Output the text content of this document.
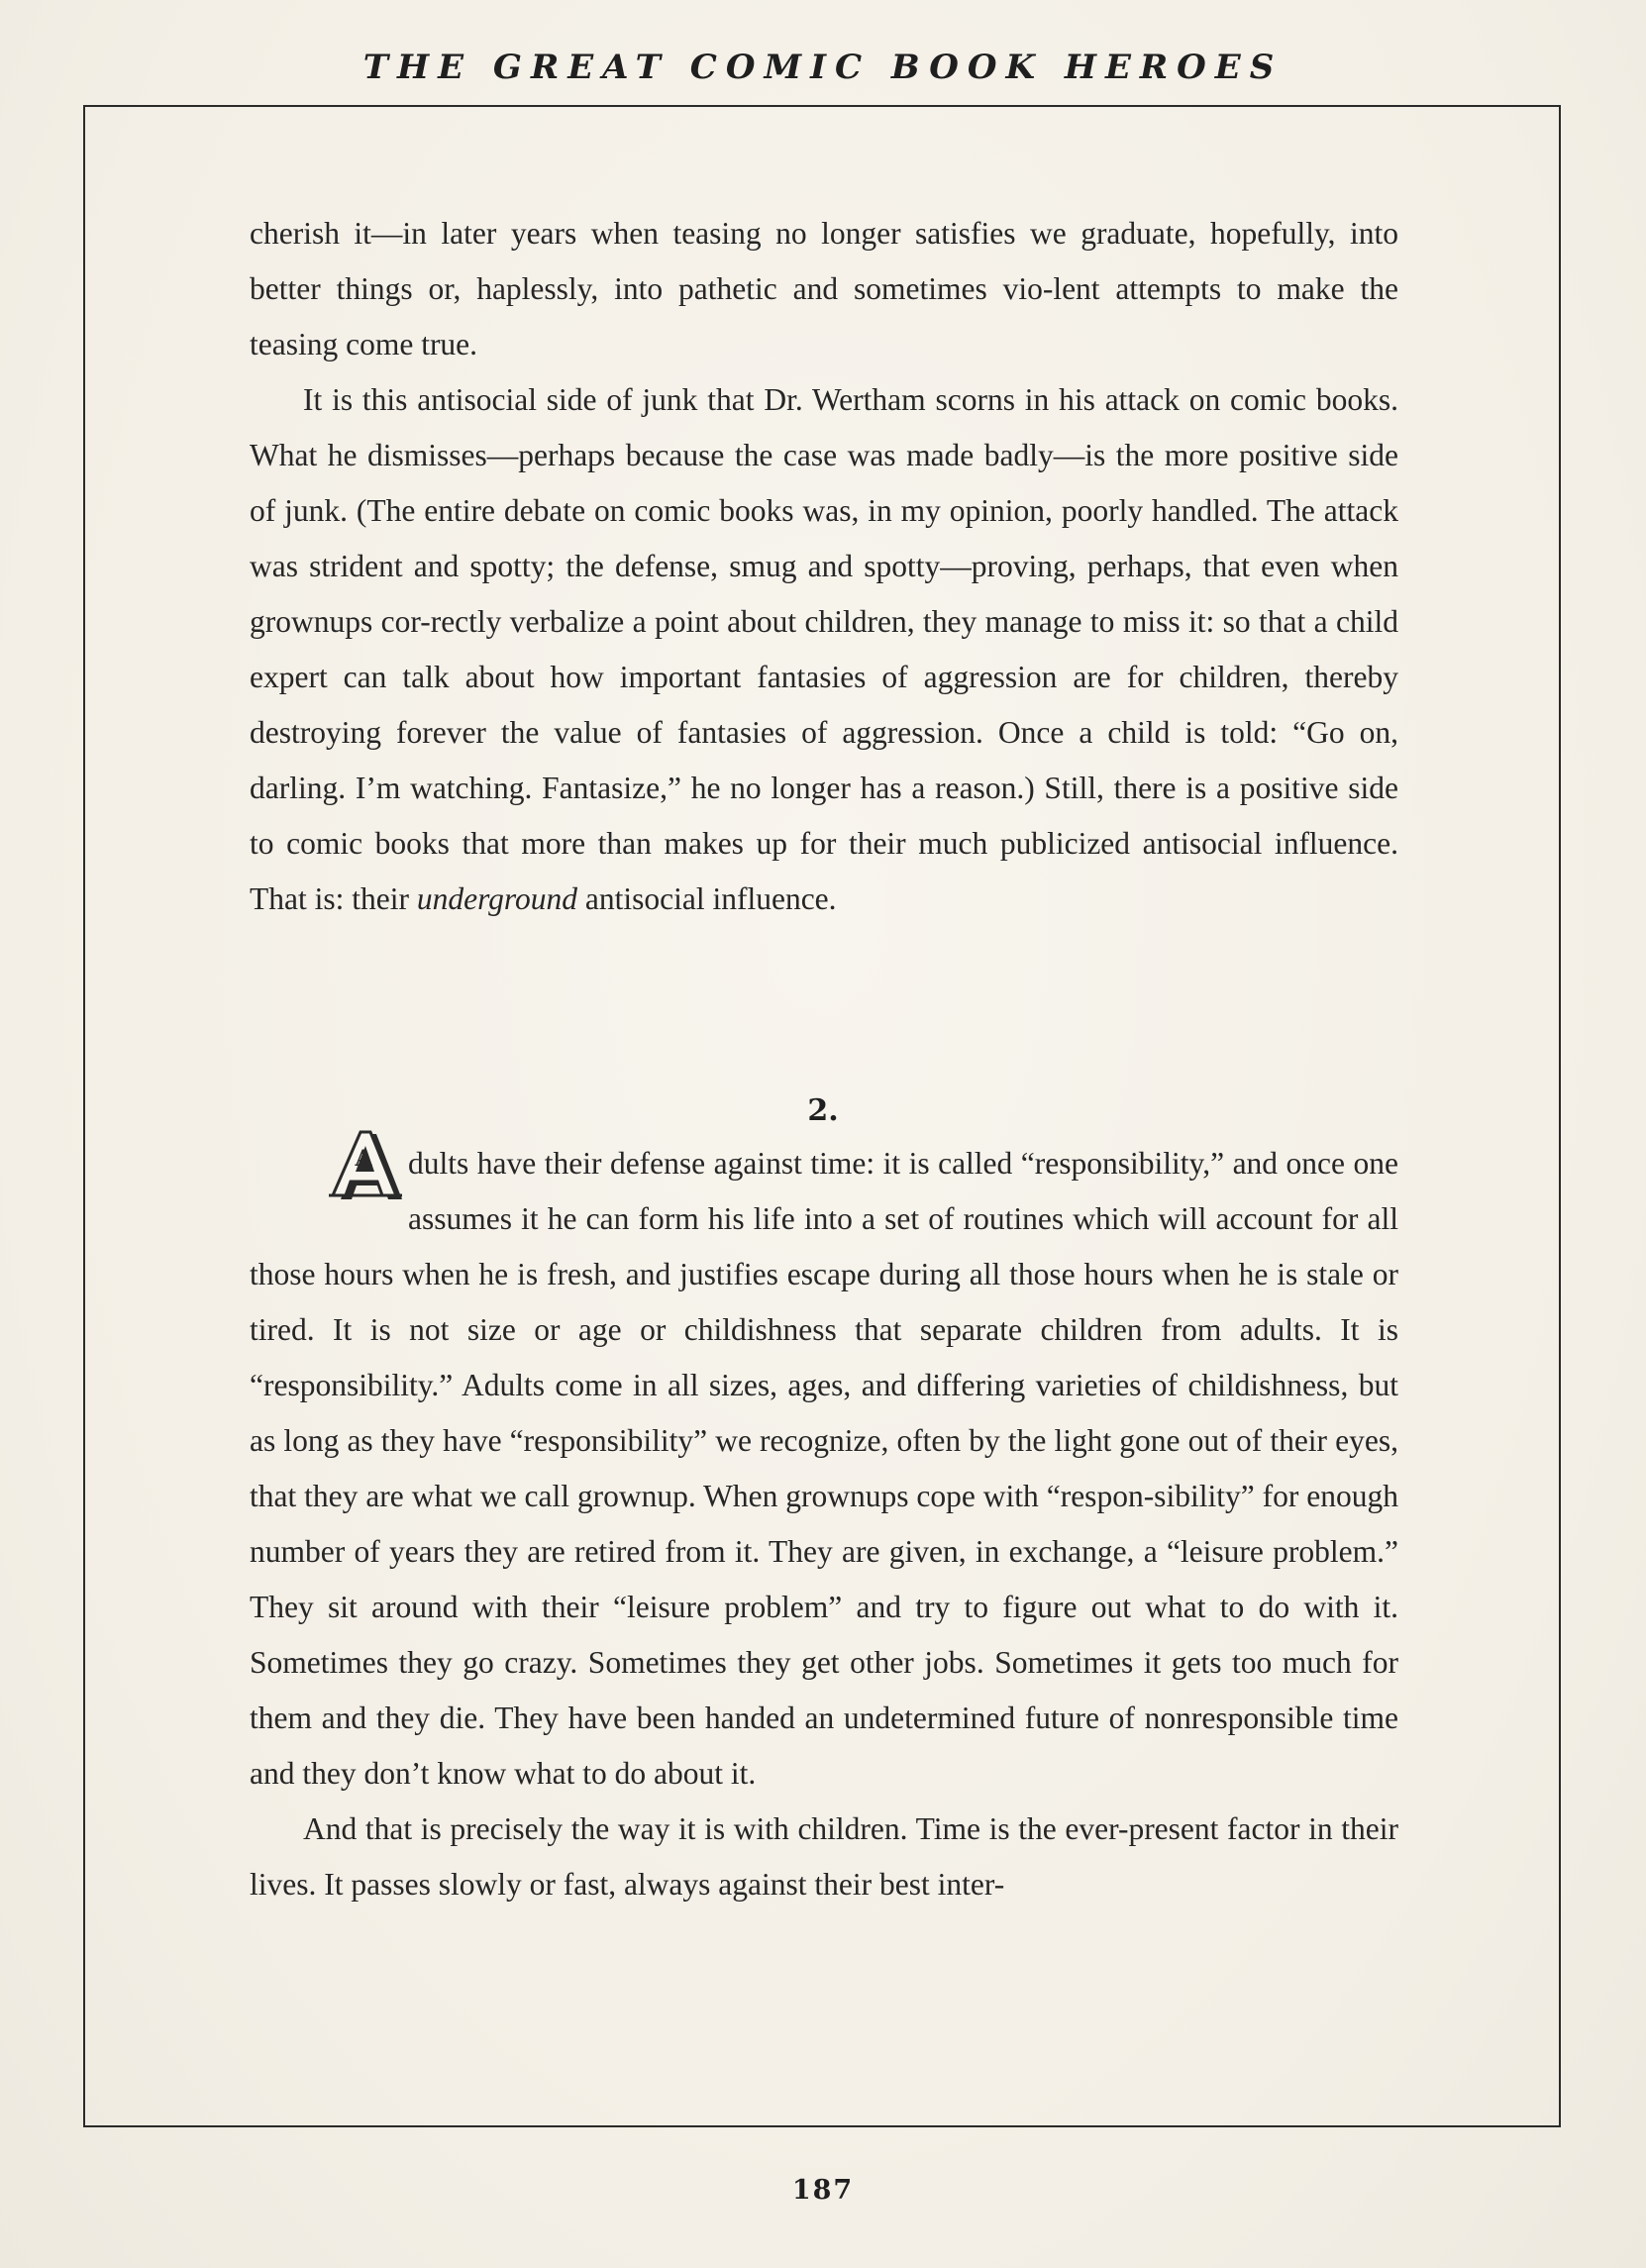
THE GREAT COMIC BOOK HEROES

cherish it—in later years when teasing no longer satisfies we graduate, hopefully, into better things or, haplessly, into pathetic and sometimes vio-lent attempts to make the teasing come true.

It is this antisocial side of junk that Dr. Wertham scorns in his attack on comic books. What he dismisses—perhaps because the case was made badly—is the more positive side of junk. (The entire debate on comic books was, in my opinion, poorly handled. The attack was strident and spotty; the defense, smug and spotty—proving, perhaps, that even when grownups cor-rectly verbalize a point about children, they manage to miss it: so that a child expert can talk about how important fantasies of aggression are for children, thereby destroying forever the value of fantasies of aggression. Once a child is told: “Go on, darling. I’m watching. Fantasize,” he no longer has a reason.) Still, there is a positive side to comic books that more than makes up for their much publicized antisocial influence. That is: their underground antisocial influence.

2.

A dults have their defense against time: it is called “responsibility,” and once one assumes it he can form his life into a set of routines which will account for all those hours when he is fresh, and justifies escape during all those hours when he is stale or tired. It is not size or age or childishness that separate children from adults. It is “responsibility.” Adults come in all sizes, ages, and differing varieties of childishness, but as long as they have “responsibility” we recognize, often by the light gone out of their eyes, that they are what we call grownup. When grownups cope with “respon-sibility” for enough number of years they are retired from it. They are given, in exchange, a “leisure problem.” They sit around with their “leisure problem” and try to figure out what to do with it. Sometimes they go crazy. Sometimes they get other jobs. Sometimes it gets too much for them and they die. They have been handed an undetermined future of nonresponsible time and they don’t know what to do about it.

And that is precisely the way it is with children. Time is the ever-present factor in their lives. It passes slowly or fast, always against their best inter-

187
